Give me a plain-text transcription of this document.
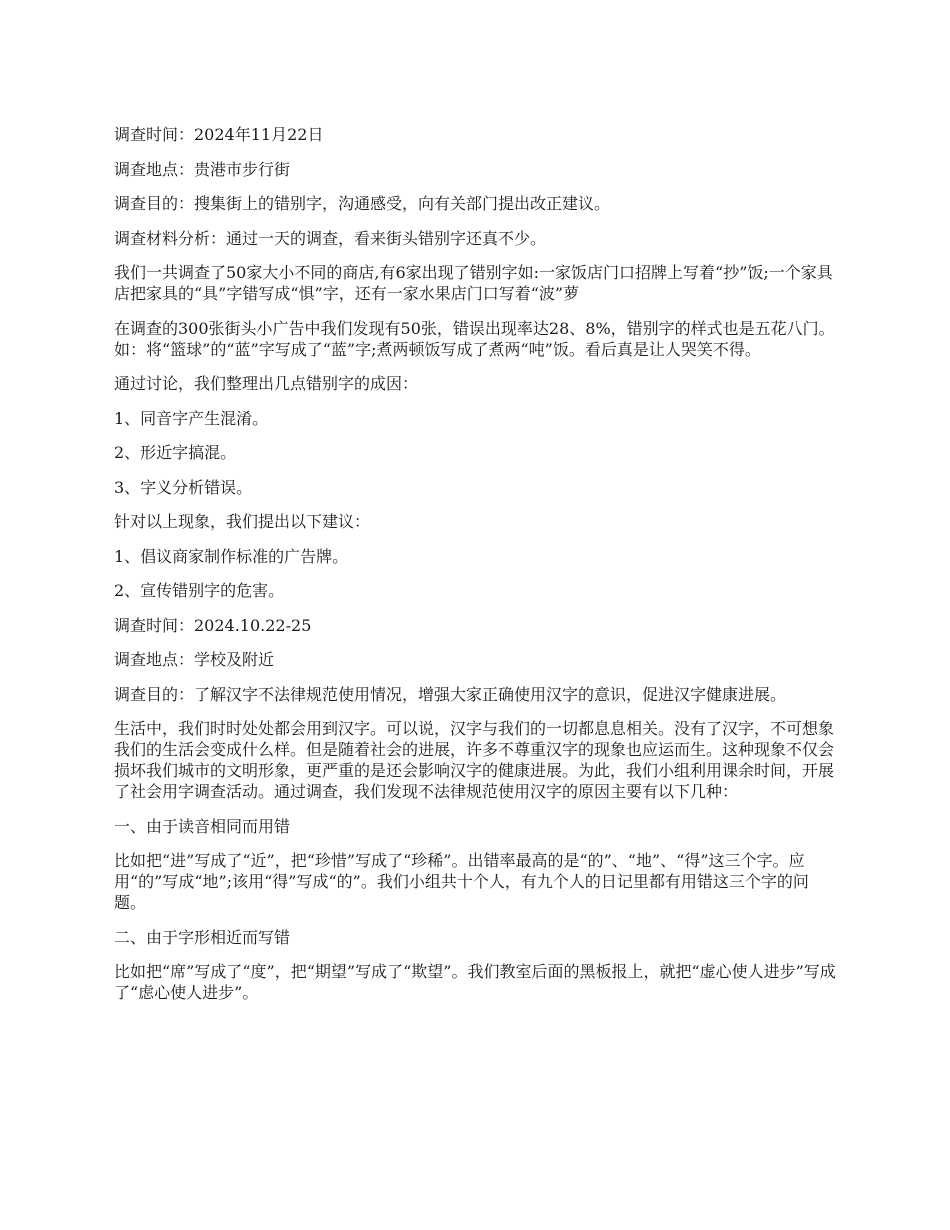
调查时间：2024年11月22日

调查地点：贵港市步行街

调查目的：搜集街上的错别字，沟通感受，向有关部门提出改正建议。

调查材料分析：通过一天的调查，看来街头错别字还真不少。

我们一共调查了50家大小不同的商店,有6家出现了错别字如:一家饭店门口招牌上写着“抄”饭;一个家具店把家具的“具”字错写成“惧”字，还有一家水果店门口写着“波”萝

在调查的300张街头小广告中我们发现有50张，错误出现率达28、8%，错别字的样式也是五花八门。如：将“篮球”的“蓝”字写成了“蓝”字;煮两顿饭写成了煮两“吨”饭。看后真是让人哭笑不得。

通过讨论，我们整理出几点错别字的成因：

1、同音字产生混淆。

2、形近字搞混。

3、字义分析错误。

针对以上现象，我们提出以下建议：

1、倡议商家制作标准的广告牌。

2、宣传错别字的危害。

调查时间：2024.10.22-25

调查地点：学校及附近

调查目的：了解汉字不法律规范使用情况，增强大家正确使用汉字的意识，促进汉字健康进展。

生活中，我们时时处处都会用到汉字。可以说，汉字与我们的一切都息息相关。没有了汉字，不可想象我们的生活会变成什么样。但是随着社会的进展，许多不尊重汉字的现象也应运而生。这种现象不仅会损坏我们城市的文明形象，更严重的是还会影响汉字的健康进展。为此，我们小组利用课余时间，开展了社会用字调查活动。通过调查，我们发现不法律规范使用汉字的原因主要有以下几种：

一、由于读音相同而用错

比如把“进”写成了“近”，把“珍惜”写成了“珍稀”。出错率最高的是“的”、“地”、“得”这三个字。应用“的”写成“地”;该用“得”写成“的”。我们小组共十个人，有九个人的日记里都有用错这三个字的问题。

二、由于字形相近而写错

比如把“席”写成了“度”，把“期望”写成了“欺望”。我们教室后面的黑板报上，就把“虚心使人进步”写成了“虑心使人进步”。
